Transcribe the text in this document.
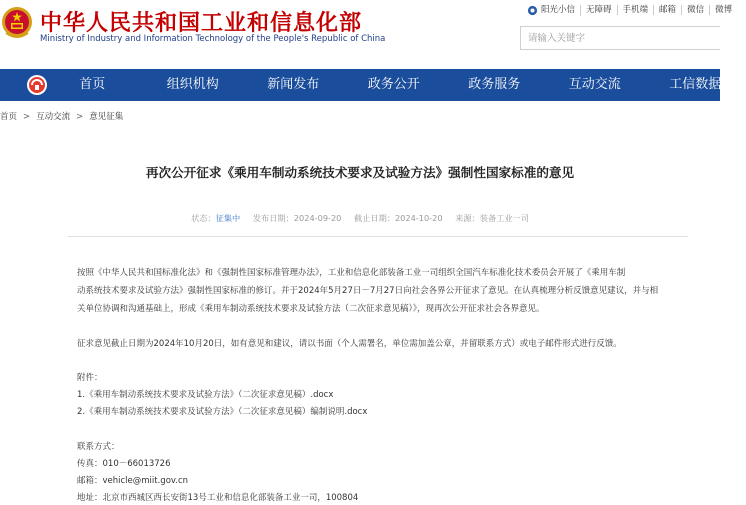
中华人民共和国工业和信息化部
Ministry of Industry and Information Technology of the People's Republic of China
阳光小信	无障碍	手机端	邮箱	微信	微博
请输入关键字
首页	组织机构	新闻发布	政务公开	政务服务	互动交流	工信数据
首页 > 互动交流 > 意见征集
再次公开征求《乘用车制动系统技术要求及试验方法》强制性国家标准的意见
状态：征集中 发布日期：2024-09-20 截止日期：2024-10-20 来源：装备工业一司
按照《中华人民共和国标准化法》和《强制性国家标准管理办法》，工业和信息化部装备工业一司组织全国汽车标准化技术委员会开展了《乘用车制
动系统技术要求及试验方法》强制性国家标准的修订。并于2024年5月27日－7月27日向社会各界公开征求了意见。在认真梳理分析反馈意见建议，并与相
关单位协调和沟通基础上，形成《乘用车制动系统技术要求及试验方法（二次征求意见稿）》，现再次公开征求社会各界意见。
征求意见截止日期为2024年10月20日，如有意见和建议，请以书面（个人需署名，单位需加盖公章，并留联系方式）或电子邮件形式进行反馈。
附件：
1.《乘用车制动系统技术要求及试验方法》（二次征求意见稿）.docx
2.《乘用车制动系统技术要求及试验方法》（二次征求意见稿）编制说明.docx
联系方式：
传真：010－66013726
邮箱：vehicle@miit.gov.cn
地址：北京市西城区西长安街13号工业和信息化部装备工业一司，100804
